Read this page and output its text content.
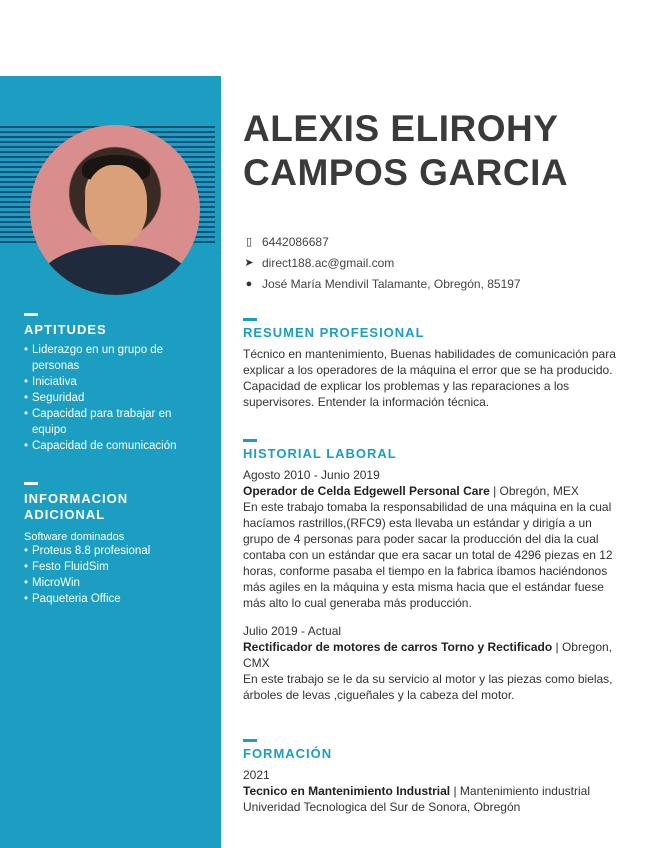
APTITUDES
• Liderazgo en un grupo de personas
• Iniciativa
• Seguridad
• Capacidad para trabajar en equipo
• Capacidad de comunicación
INFORMACION
ADICIONAL
Software dominados
• Proteus 8.8 profesional
• Festo FluidSim
• MicroWin
• Paqueteria Office
ALEXIS ELIROHY
CAMPOS GARCIA
▯ 6442086687
➤ direct188.ac@gmail.com
● José María Mendivil Talamante, Obregón, 85197
RESUMEN PROFESIONAL
Técnico en mantenimiento, Buenas habilidades de comunicación para explicar a los operadores de la máquina el error que se ha producido. Capacidad de explicar los problemas y las reparaciones a los supervisores. Entender la información técnica.
HISTORIAL LABORAL
Agosto 2010 - Junio 2019
Operador de Celda Edgewell Personal Care | Obregón, MEX
En este trabajo tomaba la responsabilidad de una máquina en la cual hacíamos rastrillos,(RFC9) esta llevaba un estándar y dirigía a un grupo de 4 personas para poder sacar la producción del dia la cual contaba con un estándar que era sacar un total de 4296 piezas en 12 horas, conforme pasaba el tiempo en la fabrica íbamos haciéndonos más agiles en la máquina y esta misma hacia que el estándar fuese más alto lo cual generaba más producción.
Julio 2019 - Actual
Rectificador de motores de carros Torno y Rectificado | Obregon, CMX
En este trabajo se le da su servicio al motor y las piezas como bielas, árboles de levas ,cigueñales y la cabeza del motor.
FORMACIÓN
2021
Tecnico en Mantenimiento Industrial | Mantenimiento industrial
Univeridad Tecnologica del Sur de Sonora, Obregón
